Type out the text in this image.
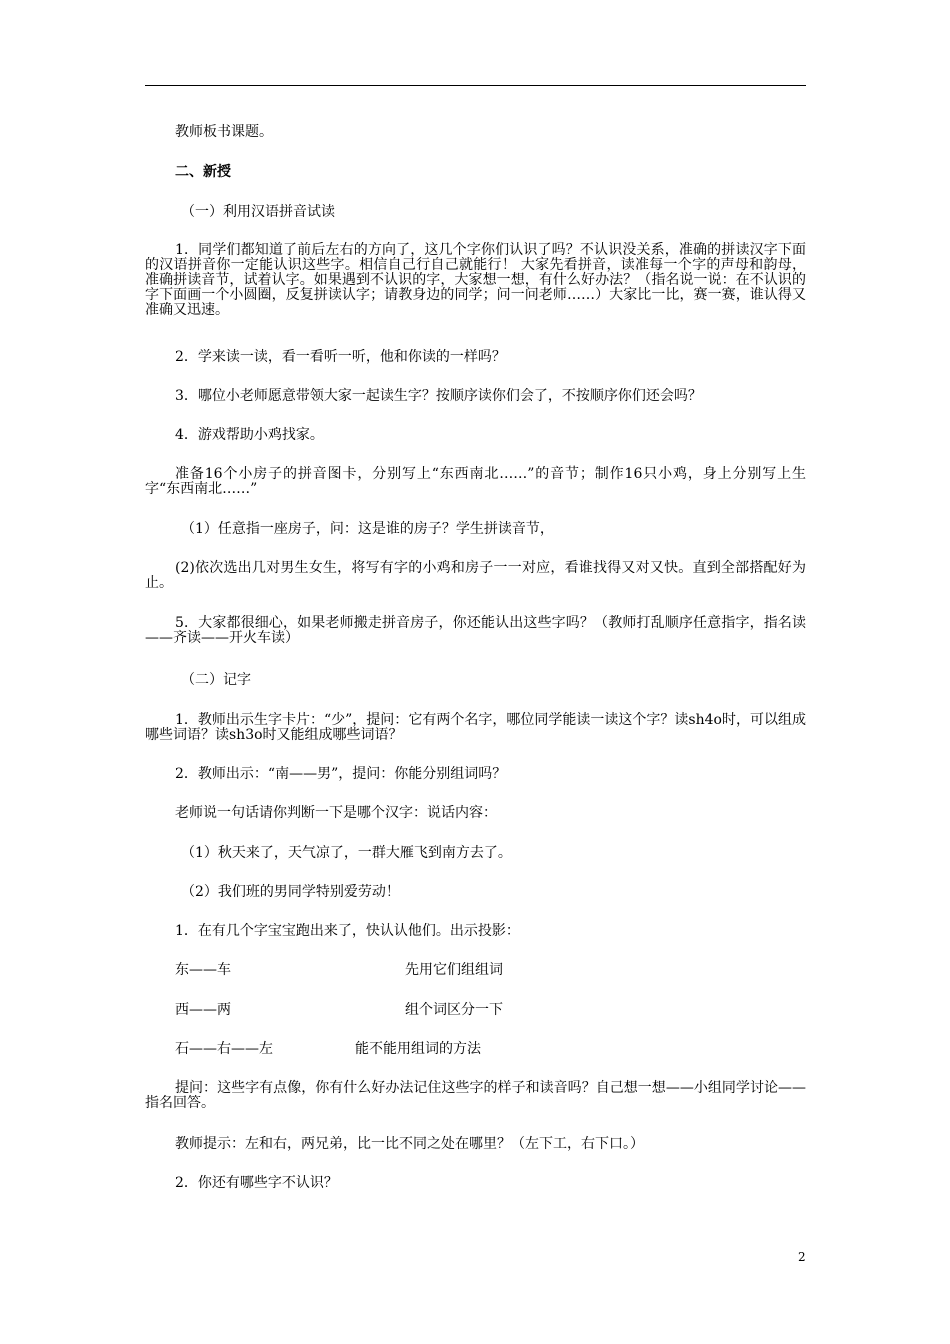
教师板书课题。
二、新授
（一）利用汉语拼音试读
1．同学们都知道了前后左右的方向了，这几个字你们认识了吗？不认识没关系，准确的拼读汉字下面的汉语拼音你一定能认识这些字。相信自己行自己就能行！ 大家先看拼音，读准每一个字的声母和韵母，准确拼读音节，试着认字。如果遇到不认识的字，大家想一想，有什么好办法？（指名说一说：在不认识的字下面画一个小圆圈，反复拼读认字；请教身边的同学；问一问老师……）大家比一比，赛一赛，谁认得又准确又迅速。
2．学来读一读，看一看听一听，他和你读的一样吗？
3．哪位小老师愿意带领大家一起读生字？按顺序读你们会了，不按顺序你们还会吗？
4．游戏帮助小鸡找家。
准备16个小房子的拼音图卡，分别写上“东西南北……”的音节；制作16只小鸡，身上分别写上生字“东西南北……”
（1）任意指一座房子，问：这是谁的房子？学生拼读音节，
(2)依次选出几对男生女生，将写有字的小鸡和房子一一对应，看谁找得又对又快。直到全部搭配好为止。
5．大家都很细心，如果老师搬走拼音房子，你还能认出这些字吗？（教师打乱顺序任意指字，指名读——齐读——开火车读）
（二）记字
1．教师出示生字卡片：“少”，提问：它有两个名字，哪位同学能读一读这个字？读sh4o时，可以组成哪些词语？读sh3o时又能组成哪些词语？
2．教师出示：“南——男”，提问：你能分别组词吗？
老师说一句话请你判断一下是哪个汉字：说话内容：
（1）秋天来了，天气凉了，一群大雁飞到南方去了。
（2）我们班的男同学特别爱劳动！
1．在有几个字宝宝跑出来了，快认认他们。出示投影：
东——车	先用它们组组词
西——两	组个词区分一下
石——右——左	能不能用组词的方法
提问：这些字有点像，你有什么好办法记住这些字的样子和读音吗？自己想一想——小组同学讨论——指名回答。
教师提示：左和右，两兄弟，比一比不同之处在哪里？（左下工，右下口。）
2．你还有哪些字不认识？
2
